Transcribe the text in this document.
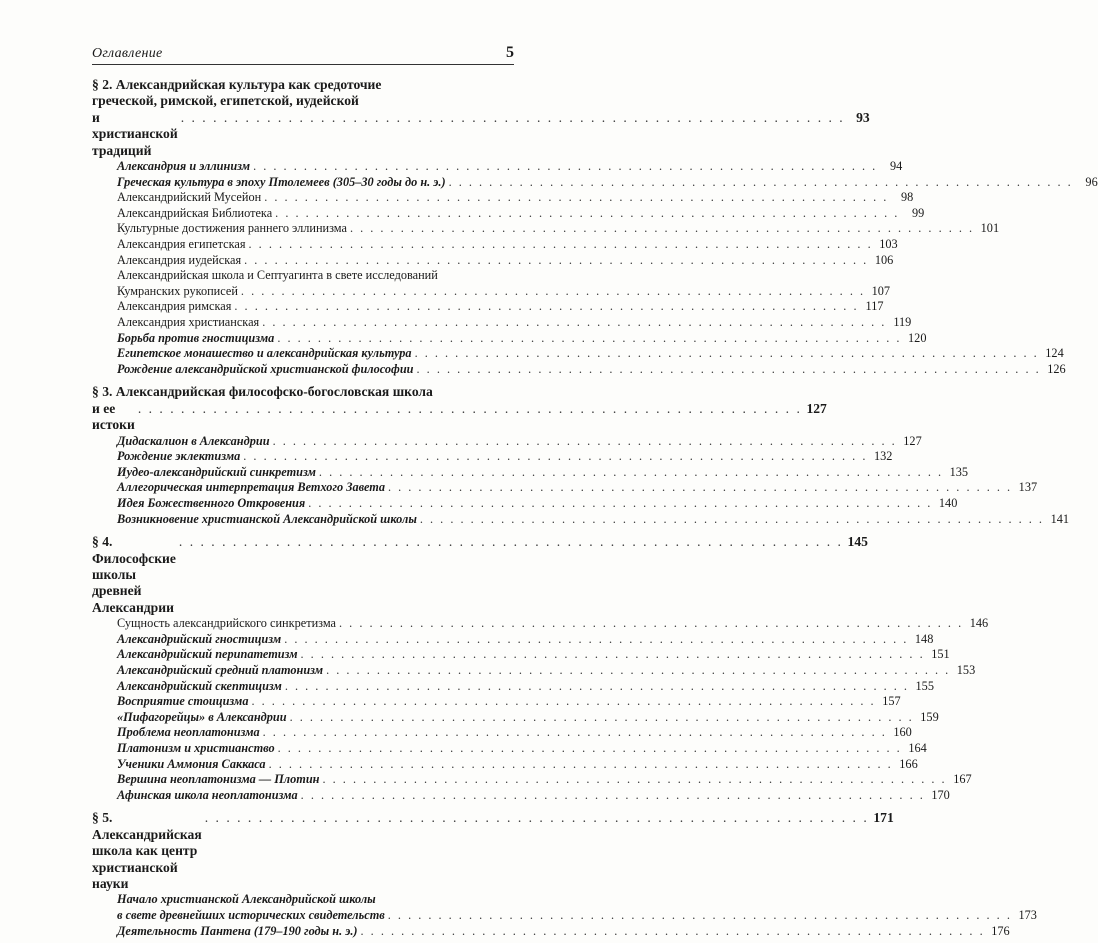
Оглавление	5
§ 2. Александрийская культура как средоточие
греческой, римской, египетской, иудейской
и христианской традиций
. . . . . . . . . . . . . . . . . . . . . . . . . . . . . . . . . . . . . . . . . . . . . . . . . . . . . . . . . . . . . . 93
Александрия и эллинизм . . . . . . . . . . . . . . . . . . . . . . . . . . . . . . . . . . . . . . . . . . . . . . . . . . . . . . . . . . . . . .	94
Греческая культура в эпоху Птолемеев (305–30 годы до н. э.) . . . . . . . . . . . . . . . . . . . . . . . . . . . . . . . . . . . . . . . . . . . . . . . . . . . . . . . . . . . . . .	96
Александрийский Мусейон . . . . . . . . . . . . . . . . . . . . . . . . . . . . . . . . . . . . . . . . . . . . . . . . . . . . . . . . . . . . . .	98
Александрийская Библиотека . . . . . . . . . . . . . . . . . . . . . . . . . . . . . . . . . . . . . . . . . . . . . . . . . . . . . . . . . . . . . .	99
Культурные достижения раннего эллинизма . . . . . . . . . . . . . . . . . . . . . . . . . . . . . . . . . . . . . . . . . . . . . . . . . . . . . . . . . . . . . . 101
Александрия египетская . . . . . . . . . . . . . . . . . . . . . . . . . . . . . . . . . . . . . . . . . . . . . . . . . . . . . . . . . . . . . . 103
Александрия иудейская . . . . . . . . . . . . . . . . . . . . . . . . . . . . . . . . . . . . . . . . . . . . . . . . . . . . . . . . . . . . . . 106
Александрийская школа и Септуагинта в свете исследований
Кумранских рукописей . . . . . . . . . . . . . . . . . . . . . . . . . . . . . . . . . . . . . . . . . . . . . . . . . . . . . . . . . . . . . . 107
Александрия римская . . . . . . . . . . . . . . . . . . . . . . . . . . . . . . . . . . . . . . . . . . . . . . . . . . . . . . . . . . . . . . 117
Александрия христианская . . . . . . . . . . . . . . . . . . . . . . . . . . . . . . . . . . . . . . . . . . . . . . . . . . . . . . . . . . . . . . 119
Борьба против гностицизма . . . . . . . . . . . . . . . . . . . . . . . . . . . . . . . . . . . . . . . . . . . . . . . . . . . . . . . . . . . . . . 120
Египетское монашество и александрийская культура . . . . . . . . . . . . . . . . . . . . . . . . . . . . . . . . . . . . . . . . . . . . . . . . . . . . . . . . . . . . . . 124
Рождение александрийской христианской философии . . . . . . . . . . . . . . . . . . . . . . . . . . . . . . . . . . . . . . . . . . . . . . . . . . . . . . . . . . . . . . 126
§ 3. Александрийская философско-богословская школа
и ее истоки
. . . . . . . . . . . . . . . . . . . . . . . . . . . . . . . . . . . . . . . . . . . . . . . . . . . . . . . . . . . . . . 127
Дидаскалион в Александрии . . . . . . . . . . . . . . . . . . . . . . . . . . . . . . . . . . . . . . . . . . . . . . . . . . . . . . . . . . . . . . 127
Рождение эклектизма . . . . . . . . . . . . . . . . . . . . . . . . . . . . . . . . . . . . . . . . . . . . . . . . . . . . . . . . . . . . . . 132
Иудео-александрийский синкретизм . . . . . . . . . . . . . . . . . . . . . . . . . . . . . . . . . . . . . . . . . . . . . . . . . . . . . . . . . . . . . . 135
Аллегорическая интерпретация Ветхого Завета . . . . . . . . . . . . . . . . . . . . . . . . . . . . . . . . . . . . . . . . . . . . . . . . . . . . . . . . . . . . . . 137
Идея Божественного Откровения . . . . . . . . . . . . . . . . . . . . . . . . . . . . . . . . . . . . . . . . . . . . . . . . . . . . . . . . . . . . . . 140
Возникновение христианской Александрийской школы . . . . . . . . . . . . . . . . . . . . . . . . . . . . . . . . . . . . . . . . . . . . . . . . . . . . . . . . . . . . . . 141
§ 4. Философские школы древней Александрии
. . . . . . . . . . . . . . . . . . . . . . . . . . . . . . . . . . . . . . . . . . . . . . . . . . . . . . . . . . . . . . 145
Сущность александрийского синкретизма . . . . . . . . . . . . . . . . . . . . . . . . . . . . . . . . . . . . . . . . . . . . . . . . . . . . . . . . . . . . . . 146
Александрийский гностицизм . . . . . . . . . . . . . . . . . . . . . . . . . . . . . . . . . . . . . . . . . . . . . . . . . . . . . . . . . . . . . . 148
Александрийский перипатетизм . . . . . . . . . . . . . . . . . . . . . . . . . . . . . . . . . . . . . . . . . . . . . . . . . . . . . . . . . . . . . . 151
Александрийский средний платонизм . . . . . . . . . . . . . . . . . . . . . . . . . . . . . . . . . . . . . . . . . . . . . . . . . . . . . . . . . . . . . . 153
Александрийский скептицизм . . . . . . . . . . . . . . . . . . . . . . . . . . . . . . . . . . . . . . . . . . . . . . . . . . . . . . . . . . . . . . 155
Восприятие стоицизма . . . . . . . . . . . . . . . . . . . . . . . . . . . . . . . . . . . . . . . . . . . . . . . . . . . . . . . . . . . . . . 157
«Пифагорейцы» в Александрии . . . . . . . . . . . . . . . . . . . . . . . . . . . . . . . . . . . . . . . . . . . . . . . . . . . . . . . . . . . . . . 159
Проблема неоплатонизма . . . . . . . . . . . . . . . . . . . . . . . . . . . . . . . . . . . . . . . . . . . . . . . . . . . . . . . . . . . . . . 160
Платонизм и христианство . . . . . . . . . . . . . . . . . . . . . . . . . . . . . . . . . . . . . . . . . . . . . . . . . . . . . . . . . . . . . . 164
Ученики Аммония Саккаса . . . . . . . . . . . . . . . . . . . . . . . . . . . . . . . . . . . . . . . . . . . . . . . . . . . . . . . . . . . . . . 166
Вершина неоплатонизма — Плотин . . . . . . . . . . . . . . . . . . . . . . . . . . . . . . . . . . . . . . . . . . . . . . . . . . . . . . . . . . . . . . 167
Афинская школа неоплатонизма . . . . . . . . . . . . . . . . . . . . . . . . . . . . . . . . . . . . . . . . . . . . . . . . . . . . . . . . . . . . . . 170
§ 5. Александрийская школа как центр христианской науки
. . . . . . . . . . . . . . . . . . . . . . . . . . . . . . . . . . . . . . . . . . . . . . . . . . . . . . . . . . . . . . 171
Начало христианской Александрийской школы
в свете древнейших исторических свидетельств . . . . . . . . . . . . . . . . . . . . . . . . . . . . . . . . . . . . . . . . . . . . . . . . . . . . . . . . . . . . . . 173
Деятельность Пантена (179–190 годы н. э.) . . . . . . . . . . . . . . . . . . . . . . . . . . . . . . . . . . . . . . . . . . . . . . . . . . . . . . . . . . . . . . 176
